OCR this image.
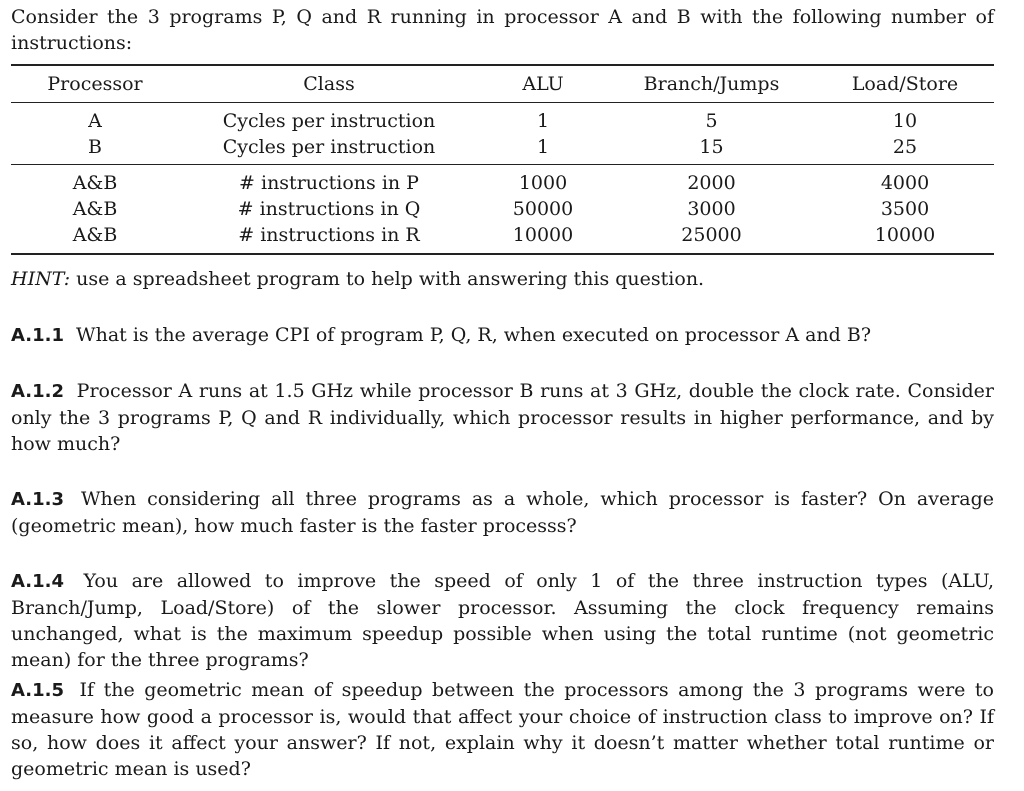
Consider the 3 programs P, Q and R running in processor A and B with the following number of instructions:

Processor	Class	ALU	Branch/Jumps	Load/Store
A	Cycles per instruction	1	5	10
B	Cycles per instruction	1	15	25
A&B	# instructions in P	1000	2000	4000
A&B	# instructions in Q	50000	3000	3500
A&B	# instructions in R	10000	25000	10000

HINT: use a spreadsheet program to help with answering this question.

A.1.1 What is the average CPI of program P, Q, R, when executed on processor A and B?

A.1.2 Processor A runs at 1.5 GHz while processor B runs at 3 GHz, double the clock rate. Consider only the 3 programs P, Q and R individually, which processor results in higher performance, and by how much?

A.1.3 When considering all three programs as a whole, which processor is faster? On average (geometric mean), how much faster is the faster processs?

A.1.4 You are allowed to improve the speed of only 1 of the three instruction types (ALU, Branch/Jump, Load/Store) of the slower processor. Assuming the clock frequency remains unchanged, what is the maximum speedup possible when using the total runtime (not geometric mean) for the three programs?

A.1.5 If the geometric mean of speedup between the processors among the 3 programs were to measure how good a processor is, would that affect your choice of instruction class to improve on? If so, how does it affect your answer? If not, explain why it doesn’t matter whether total runtime or geometric mean is used?
